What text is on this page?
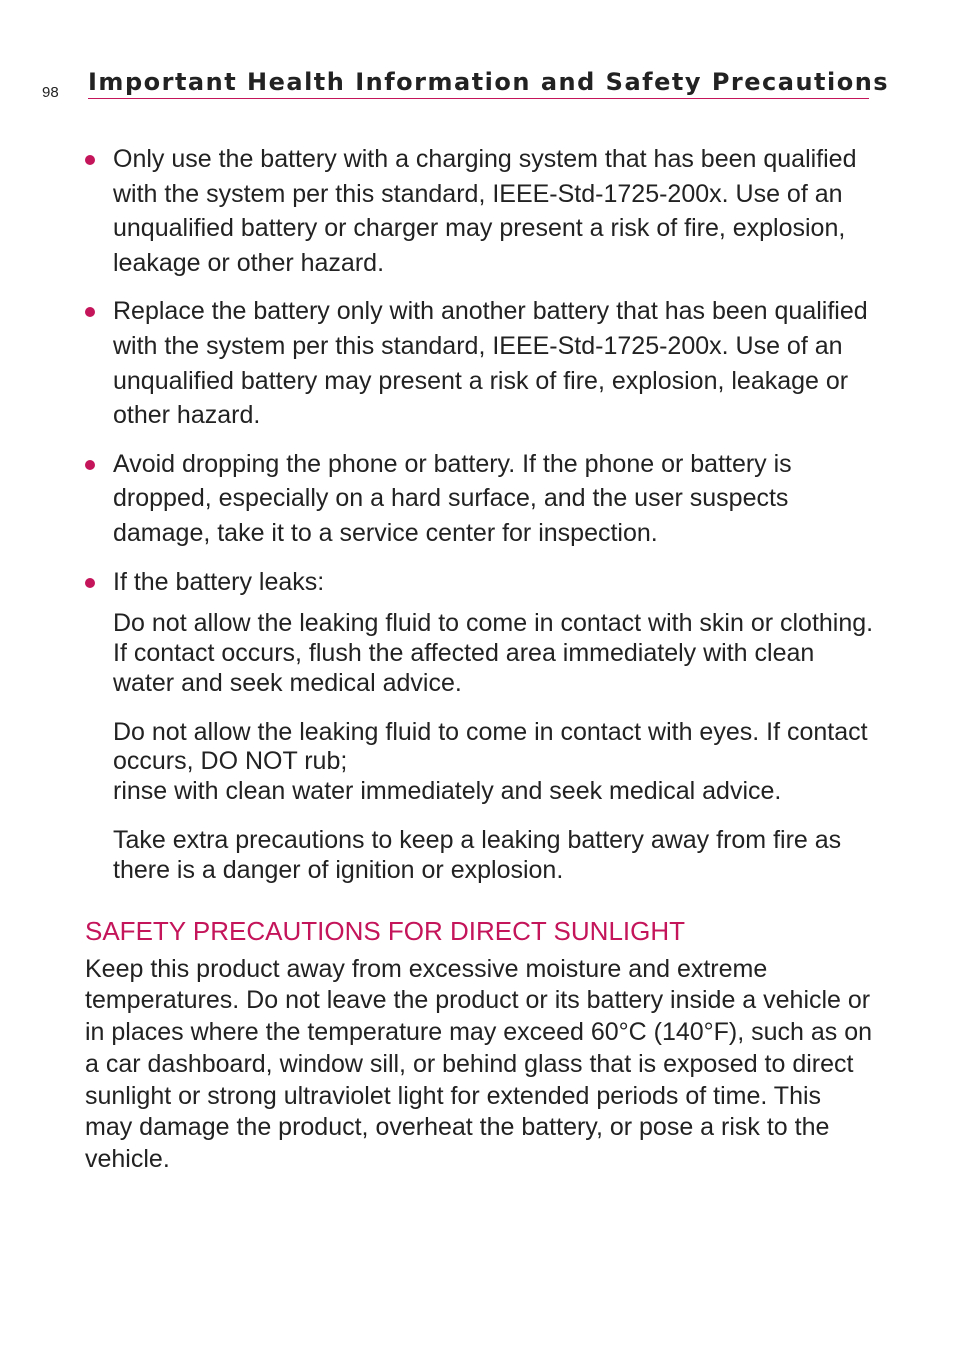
98 Important Health Information and Safety Precautions
Only use the battery with a charging system that has been qualified with the system per this standard, IEEE-Std-1725-200x. Use of an unqualified battery or charger may present a risk of fire, explosion, leakage or other hazard.
Replace the battery only with another battery that has been qualified with the system per this standard, IEEE-Std-1725-200x. Use of an unqualified battery may present a risk of fire, explosion, leakage or other hazard.
Avoid dropping the phone or battery. If the phone or battery is dropped, especially on a hard surface, and the user suspects damage, take it to a service center for inspection.
If the battery leaks:
Do not allow the leaking fluid to come in contact with skin or clothing. If contact occurs, flush the affected area immediately with clean water and seek medical advice.
Do not allow the leaking fluid to come in contact with eyes. If contact occurs, DO NOT rub;
rinse with clean water immediately and seek medical advice.
Take extra precautions to keep a leaking battery away from fire as there is a danger of ignition or explosion.
SAFETY PRECAUTIONS FOR DIRECT SUNLIGHT
Keep this product away from excessive moisture and extreme temperatures. Do not leave the product or its battery inside a vehicle or in places where the temperature may exceed 60°C (140°F), such as on a car dashboard, window sill, or behind glass that is exposed to direct sunlight or strong ultraviolet light for extended periods of time. This may damage the product, overheat the battery, or pose a risk to the vehicle.
